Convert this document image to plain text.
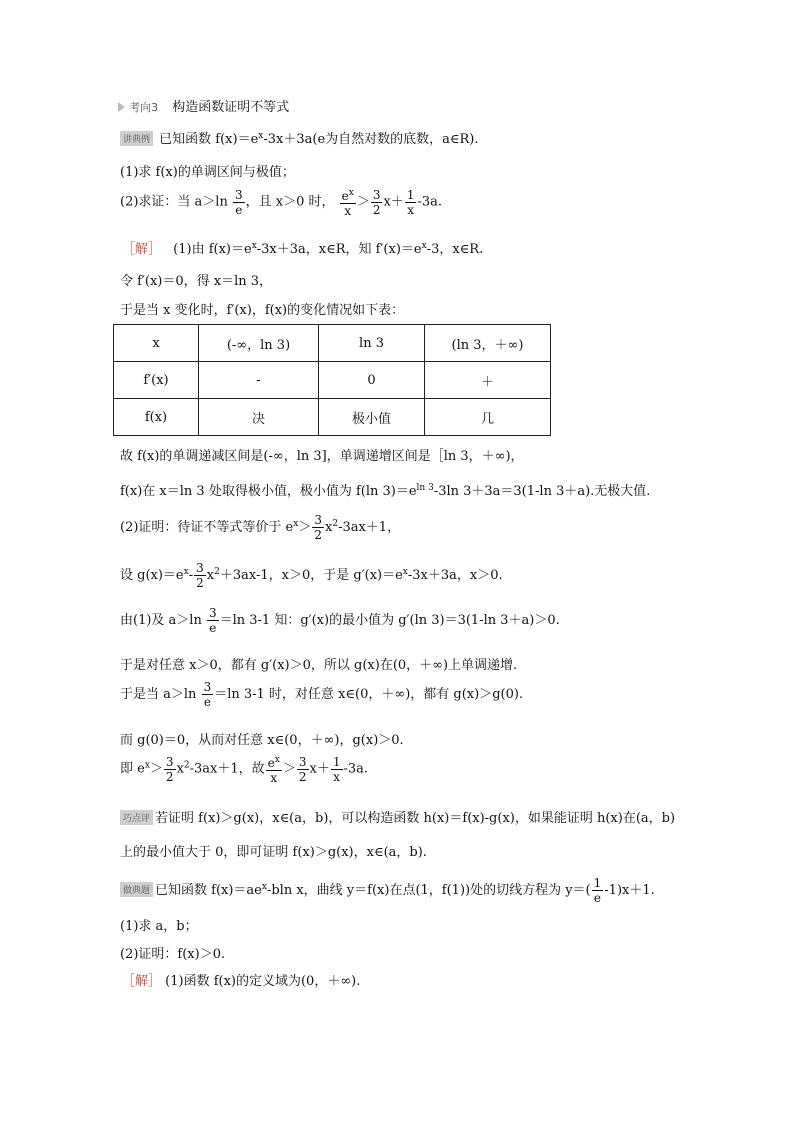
考向3 构造函数证明不等式
讲典例 已知函数 $f(x)=e^x-3x+3a(e$为自然对数的底数，a∈R).
(1)求 f(x)的单调区间与极值；
(2)求证：当 $a>\ln \frac{3}{e}$ ，且 x＞0 时， $\frac{e^x}{x} > \frac{3}{2} x+ \frac{1}{x} -3a$.
［解］ (1)由 $f(x)=e^x-3x+3a$，x∈R，知 $f'(x)=e^x-3$，x∈R.
令 f′(x)＝0，得 x＝ln 3，
于是当 x 变化时，f′(x)，f(x)的变化情况如下表：
x	(-∞，ln 3)	ln 3	(ln 3，＋∞)
f′(x)	-	0	＋
f(x)	决	极小值	几
故 f(x)的单调递减区间是(-∞，ln 3]，单调递增区间是［ln 3，＋∞)，
f(x)在 x＝ln 3 处取得极小值，极小值为 f(ln $3)=e^{ln 3}-3\ln$ 3＋3a＝3(1-ln 3＋a).无极大值.
(2)证明：待证不等式等价于 $e^x> \frac{3}{2} x^2-3ax+1$，
设 $g(x)=e^x- \frac{3}{2} x^2+3ax-1$，x＞0，于是 $g'(x)=e^x-3x+3a$，x＞0.
由(1)及 $a>\ln \frac{3}{e} =\ln$ 3-1 知：g′(x)的最小值为 g′(ln 3)＝3(1-ln 3＋a)＞0.
于是对任意 x＞0，都有 g′(x)＞0，所以 g(x)在(0，＋∞)上单调递增.
于是当 $a>\ln \frac{3}{e} =\ln$ 3-1 时，对任意 x∈(0，＋∞)，都有 g(x)＞g(0).
而 g(0)＝0，从而对任意 x∈(0，＋∞)，g(x)＞0.
即 $e^x> \frac{3}{2} x^2-3ax+1$，故 $\frac{e^x}{x} > \frac{3}{2} x+ \frac{1}{x} -3a$.
巧点评 若证明 f(x)＞g(x)，x∈(a，b)，可以构造函数 h(x)＝f(x)-g(x)，如果能证明 h(x)在(a，b)
上的最小值大于 0，即可证明 f(x)＞g(x)，x∈(a，b).
做典题 已知函数 $f(x)=ae^x$-bln x，曲线 y＝f(x)在点(1，f(1))处的切线方程为 $y=( \frac{1}{e} -1)x+1$.
(1)求 a，b；
(2)证明：f(x)＞0.
［解］ (1)函数 f(x)的定义域为(0，＋∞).
